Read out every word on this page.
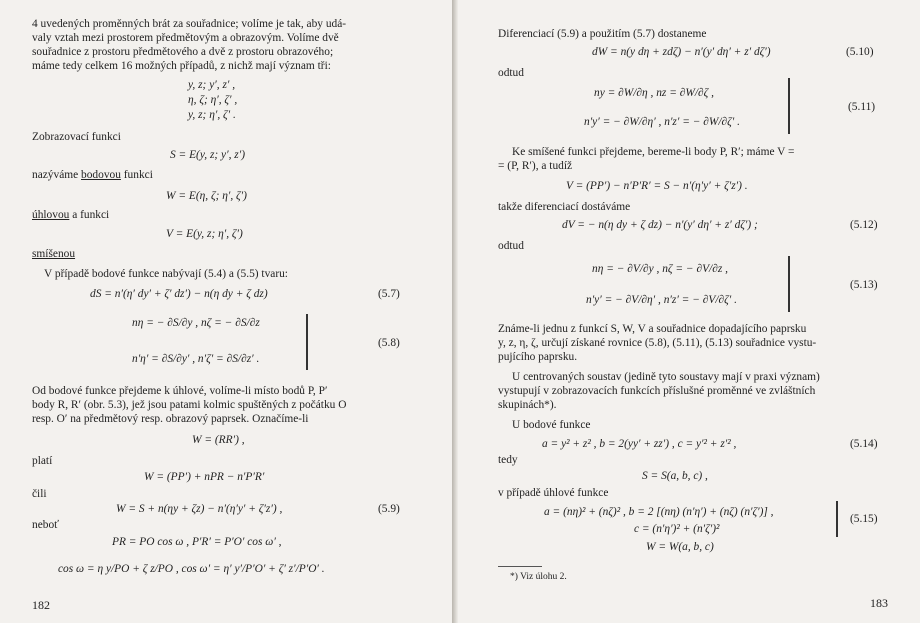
4 uvedených proměnných brát za souřadnice; volíme je tak, aby udá-
valy vztah mezi prostorem předmětovým a obrazovým. Volíme dvě
souřadnice z prostoru předmětového a dvě z prostoru obrazového;
máme tedy celkem 16 možných případů, z nichž mají význam tři:
y, z; y′, z′ ,
η, ζ; η′, ζ′ ,
y, z; η′, ζ′ .
Zobrazovací funkci
S = E(y, z; y′, z′)
nazýváme bodovou funkci
W = E(η, ζ; η′, ζ′)
úhlovou a funkci
V = E(y, z; η′, ζ′)
smíšenou
V případě bodové funkce nabývají (5.4) a (5.5) tvaru:
dS = n′(η′ dy′ + ζ′ dz′) − n(η dy + ζ dz)	(5.7)
nη = − ∂S/∂y , nζ = − ∂S/∂z
n′η′ = ∂S/∂y′ , n′ζ′ = ∂S/∂z′ .
(5.8)
Od bodové funkce přejdeme k úhlové, volíme-li místo bodů P, P′
body R, R′ (obr. 5.3), jež jsou patami kolmic spuštěných z počátku O
resp. O′ na předmětový resp. obrazový paprsek. Označíme-li
W = (RR′) ,
platí
W = (PP′) + nPR − n′P′R′
čili
W = S + n(ηy + ζz) − n′(η′y′ + ζ′z′) ,	(5.9)
neboť
PR = PO cos ω , P′R′ = P′O′ cos ω′ ,
cos ω = η y/PO + ζ z/PO , cos ω′ = η′ y′/P′O′ + ζ′ z′/P′O′ .
182
Diferenciací (5.9) a použitím (5.7) dostaneme
dW = n(y dη + zdζ) − n′(y′ dη′ + z′ dζ′)	(5.10)
odtud
ny = ∂W/∂η , nz = ∂W/∂ζ ,
n′y′ = − ∂W/∂η′ , n′z′ = − ∂W/∂ζ′ .
(5.11)
Ke smíšené funkci přejdeme, bereme-li body P, R′; máme V =
= (P, R′), a tudíž
V = (PP′) − n′P′R′ = S − n′(η′y′ + ζ′z′) .
takže diferenciací dostáváme
dV = − n(η dy + ζ dz) − n′(y′ dη′ + z′ dζ′) ;	(5.12)
odtud
nη = − ∂V/∂y , nζ = − ∂V/∂z ,
n′y′ = − ∂V/∂η′ , n′z′ = − ∂V/∂ζ′ .
(5.13)
Známe-li jednu z funkcí S, W, V a souřadnice dopadajícího paprsku
y, z, η, ζ, určují získané rovnice (5.8), (5.11), (5.13) souřadnice vystu-
pujícího paprsku.
U centrovaných soustav (jedině tyto soustavy mají v praxi význam)
vystupují v zobrazovacích funkcích příslušné proměnné ve zvláštních
skupinách*).
U bodové funkce
a = y² + z² , b = 2(yy′ + zz′) , c = y′² + z′² ,	(5.14)
tedy
S = S(a, b, c) ,
v případě úhlové funkce
a = (nη)² + (nζ)² , b = 2 [(nη) (n′η′) + (nζ) (n′ζ′)] ,
c = (n′η′)² + (n′ζ′)²
W = W(a, b, c)
(5.15)
*) Viz úlohu 2.
183
